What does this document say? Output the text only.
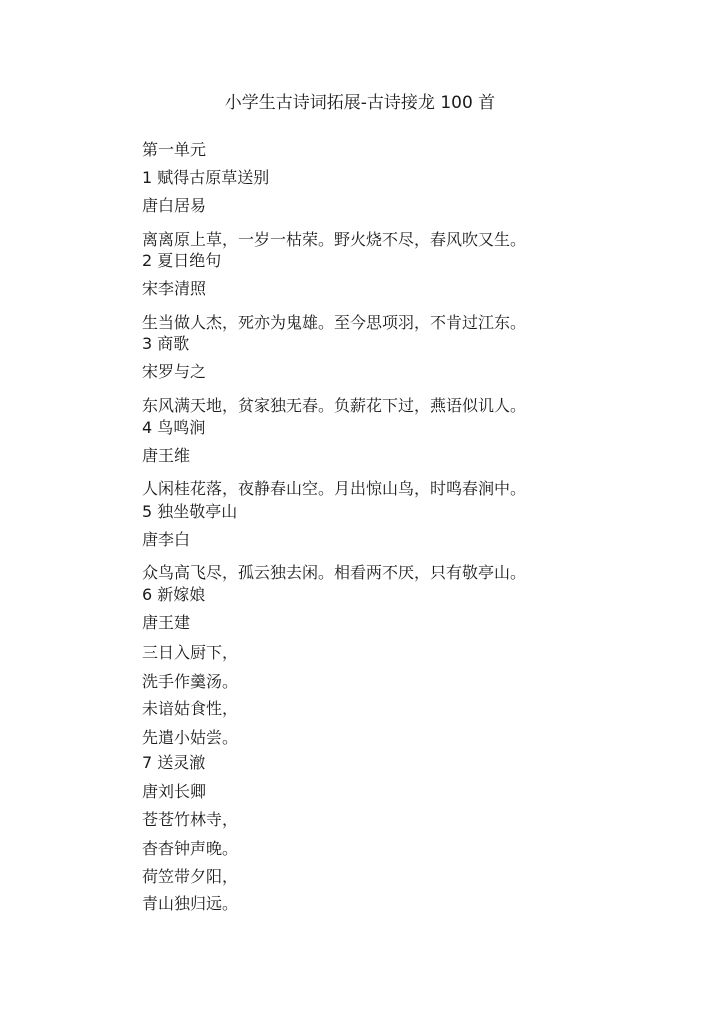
小学生古诗词拓展-古诗接龙 100 首
第一单元
1 赋得古原草送别
唐白居易
离离原上草，一岁一枯荣。野火烧不尽，春风吹又生。
2 夏日绝句
宋李清照
生当做人杰，死亦为鬼雄。至今思项羽，不肯过江东。
3 商歌
宋罗与之
东风满天地，贫家独无春。负薪花下过，燕语似讥人。
4 鸟鸣涧
唐王维
人闲桂花落，夜静春山空。月出惊山鸟，时鸣春涧中。
5 独坐敬亭山
唐李白
众鸟高飞尽，孤云独去闲。相看两不厌，只有敬亭山。
6 新嫁娘
唐王建
三日入厨下，
洗手作羹汤。
未谙姑食性，
先遣小姑尝。
7 送灵澈
唐刘长卿
苍苍竹林寺，
杳杳钟声晚。
荷笠带夕阳，
青山独归远。
